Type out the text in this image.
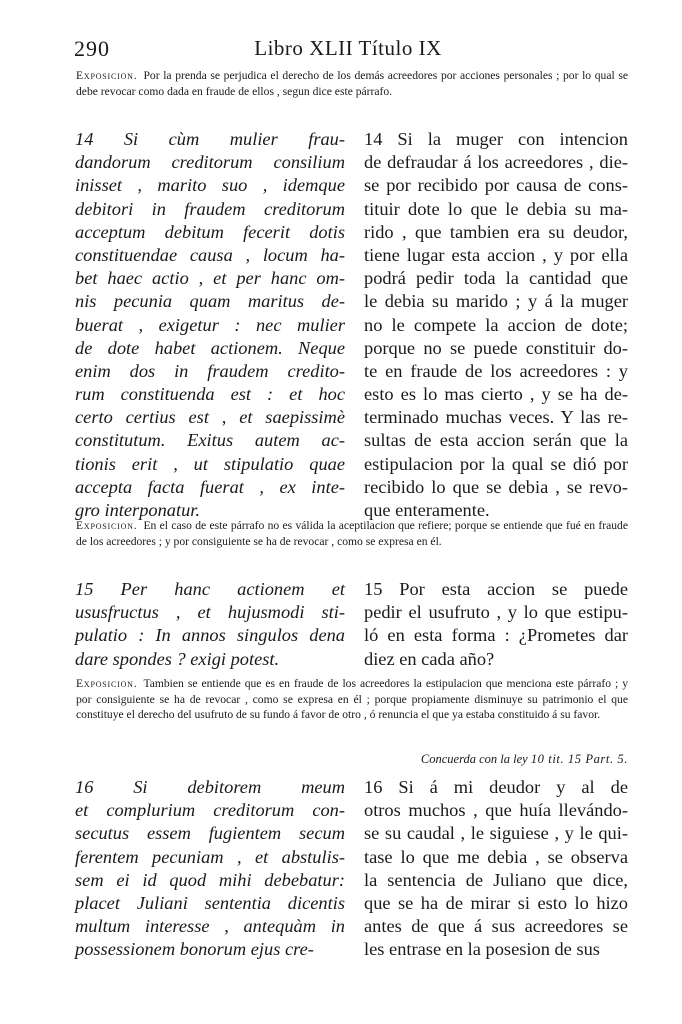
290	Libro XLII Título IX
Exposicion. Por la prenda se perjudica el derecho de los demás acreedores por acciones personales ; por lo qual se debe revocar como dada en fraude de ellos , segun dice este párrafo.
14 Si cùm mulier frau-
dandorum creditorum consilium
inisset , marito suo , idemque
debitori in fraudem creditorum
acceptum debitum fecerit dotis
constituendae causa , locum ha-
bet haec actio , et per hanc om-
nis pecunia quam maritus de-
buerat , exigetur : nec mulier
de dote habet actionem. Neque
enim dos in fraudem credito-
rum constituenda est : et hoc
certo certius est , et saepissimè
constitutum. Exitus autem ac-
tionis erit , ut stipulatio quae
accepta facta fuerat , ex inte-
gro interponatur.
14 Si la muger con intencion
de defraudar á los acreedores , die-
se por recibido por causa de cons-
tituir dote lo que le debia su ma-
rido , que tambien era su deudor,
tiene lugar esta accion , y por ella
podrá pedir toda la cantidad que
le debia su marido ; y á la muger
no le compete la accion de dote;
porque no se puede constituir do-
te en fraude de los acreedores : y
esto es lo mas cierto , y se ha de-
terminado muchas veces. Y las re-
sultas de esta accion serán que la
estipulacion por la qual se dió por
recibido lo que se debia , se revo-
que enteramente.
Exposicion. En el caso de este párrafo no es válida la aceptilacion que refiere; porque se entiende que fué en fraude de los acreedores ; y por consiguiente se ha de revocar , como se expresa en él.
15 Per hanc actionem et
ususfructus , et hujusmodi sti-
pulatio : In annos singulos dena
dare spondes ? exigi potest.
15 Por esta accion se puede
pedir el usufruto , y lo que estipu-
ló en esta forma : ¿Prometes dar
diez en cada año?
Exposicion. Tambien se entiende que es en fraude de los acreedores la estipulacion que menciona este párrafo ; y por consiguiente se ha de revocar , como se expresa en él ; porque propiamente disminuye su patrimonio el que constituye el derecho del usufruto de su fundo á favor de otro , ó renuncia el que ya estaba constituido á su favor.
Concuerda con la ley 10 tit. 15 Part. 5.
16 Si debitorem meum
et complurium creditorum con-
secutus essem fugientem secum
ferentem pecuniam , et abstulis-
sem ei id quod mihi debebatur:
placet Juliani sententia dicentis
multum interesse , antequàm in
possessionem bonorum ejus cre-
16 Si á mi deudor y al de
otros muchos , que huía llevándo-
se su caudal , le siguiese , y le qui-
tase lo que me debia , se observa
la sentencia de Juliano que dice,
que se ha de mirar si esto lo hizo
antes de que á sus acreedores se
les entrase en la posesion de sus
